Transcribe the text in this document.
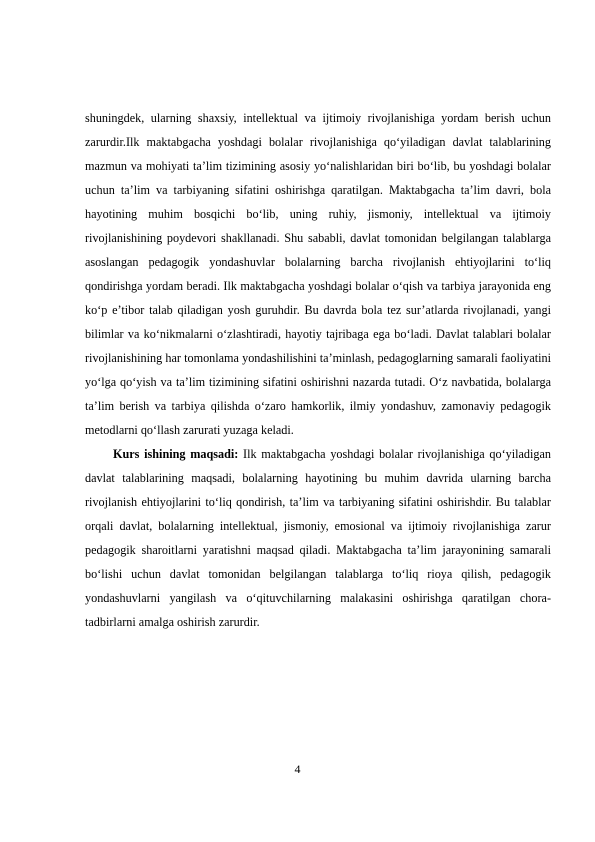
shuningdek, ularning shaxsiy, intellektual va ijtimoiy rivojlanishiga yordam berish uchun zarurdir.Ilk maktabgacha yoshdagi bolalar rivojlanishiga qo‘yiladigan davlat talablarining mazmun va mohiyati ta’lim tizimining asosiy yo‘nalishlaridan biri bo‘lib, bu yoshdagi bolalar uchun ta’lim va tarbiyaning sifatini oshirishga qaratilgan. Maktabgacha ta’lim davri, bola hayotining muhim bosqichi bo‘lib, uning ruhiy, jismoniy, intellektual va ijtimoiy rivojlanishining poydevori shakllanadi. Shu sababli, davlat tomonidan belgilangan talablarga asoslangan pedagogik yondashuvlar bolalarning barcha rivojlanish ehtiyojlarini to‘liq qondirishga yordam beradi. Ilk maktabgacha yoshdagi bolalar o‘qish va tarbiya jarayonida eng ko‘p e’tibor talab qiladigan yosh guruhdir. Bu davrda bola tez sur’atlarda rivojlanadi, yangi bilimlar va ko‘nikmalarni o‘zlashtiradi, hayotiy tajribaga ega bo‘ladi. Davlat talablari bolalar rivojlanishining har tomonlama yondashilishini ta’minlash, pedagoglarning samarali faoliyatini yo‘lga qo‘yish va ta’lim tizimining sifatini oshirishni nazarda tutadi. O‘z navbatida, bolalarga ta’lim berish va tarbiya qilishda o‘zaro hamkorlik, ilmiy yondashuv, zamonaviy pedagogik metodlarni qo‘llash zarurati yuzaga keladi.

Kurs ishining maqsadi: Ilk maktabgacha yoshdagi bolalar rivojlanishiga qo‘yiladigan davlat talablarining maqsadi, bolalarning hayotining bu muhim davrida ularning barcha rivojlanish ehtiyojlarini to‘liq qondirish, ta’lim va tarbiyaning sifatini oshirishdir. Bu talablar orqali davlat, bolalarning intellektual, jismoniy, emosional va ijtimoiy rivojlanishiga zarur pedagogik sharoitlarni yaratishni maqsad qiladi. Maktabgacha ta’lim jarayonining samarali bo‘lishi uchun davlat tomonidan belgilangan talablarga to‘liq rioya qilish, pedagogik yondashuvlarni yangilash va o‘qituvchilarning malakasini oshirishga qaratilgan chora-tadbirlarni amalga oshirish zarurdir.

4
